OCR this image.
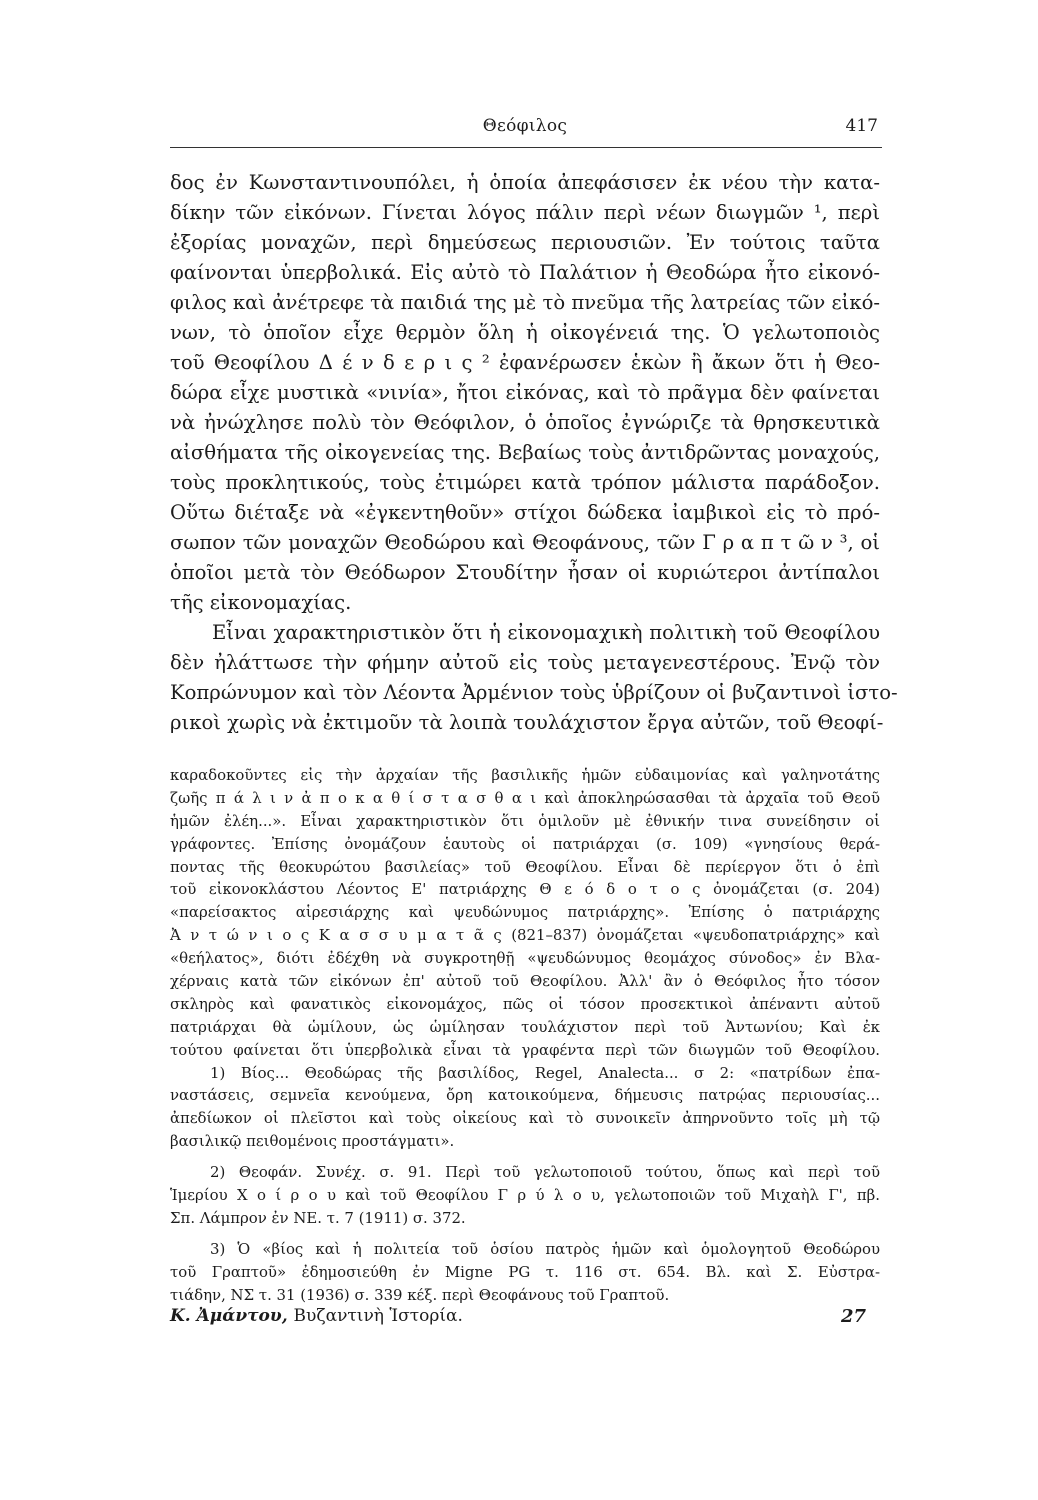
Θεόφιλος	417
δος ἐν Κωνσταντινουπόλει, ἡ ὁποία ἀπεφάσισεν ἐκ νέου τὴν κατα-
δίκην τῶν εἰκόνων. Γίνεται λόγος πάλιν περὶ νέων διωγμῶν ¹, περὶ
ἐξορίας μοναχῶν, περὶ δημεύσεως περιουσιῶν. Ἐν τούτοις ταῦτα
φαίνονται ὑπερβολικά. Εἰς αὐτὸ τὸ Παλάτιον ἡ Θεοδώρα ἦτο εἰκονό-
φιλος καὶ ἀνέτρεφε τὰ παιδιά της μὲ τὸ πνεῦμα τῆς λατρείας τῶν εἰκό-
νων, τὸ ὁποῖον εἶχε θερμὸν ὅλη ἡ οἰκογένειά της. Ὁ γελωτοποιὸς
τοῦ Θεοφίλου Δ έ ν δ ε ρ ι ς ² ἐφανέρωσεν ἑκὼν ἢ ἄκων ὅτι ἡ Θεο-
δώρα εἶχε μυστικὰ «νινία», ἤτοι εἰκόνας, καὶ τὸ πρᾶγμα δὲν φαίνεται
νὰ ἠνώχλησε πολὺ τὸν Θεόφιλον, ὁ ὁποῖος ἐγνώριζε τὰ θρησκευτικὰ
αἰσθήματα τῆς οἰκογενείας της. Βεβαίως τοὺς ἀντιδρῶντας μοναχούς,
τοὺς προκλητικούς, τοὺς ἐτιμώρει κατὰ τρόπον μάλιστα παράδοξον.
Οὕτω διέταξε νὰ «ἐγκεντηθοῦν» στίχοι δώδεκα ἰαμβικοὶ εἰς τὸ πρό-
σωπον τῶν μοναχῶν Θεοδώρου καὶ Θεοφάνους, τῶν Γ ρ α π τ ῶ ν ³, οἱ
ὁποῖοι μετὰ τὸν Θεόδωρον Στουδίτην ἦσαν οἱ κυριώτεροι ἀντίπαλοι
τῆς εἰκονομαχίας.
Εἶναι χαρακτηριστικὸν ὅτι ἡ εἰκονομαχικὴ πολιτικὴ τοῦ Θεοφίλου
δὲν ἠλάττωσε τὴν φήμην αὐτοῦ εἰς τοὺς μεταγενεστέρους. Ἐνῷ τὸν
Κοπρώνυμον καὶ τὸν Λέοντα Ἀρμένιον τοὺς ὑβρίζουν οἱ βυζαντινοὶ ἱστο-
ρικοὶ χωρὶς νὰ ἐκτιμοῦν τὰ λοιπὰ τουλάχιστον ἔργα αὐτῶν, τοῦ Θεοφί-
καραδοκοῦντες εἰς τὴν ἀρχαίαν τῆς βασιλικῆς ἡμῶν εὐδαιμονίας καὶ γαληνοτάτης
ζωῆς π ά λ ι ν ἀ π ο κ α θ ί σ τ α σ θ α ι καὶ ἀποκληρώσασθαι τὰ ἀρχαῖα τοῦ Θεοῦ
ἡμῶν ἐλέη...». Εἶναι χαρακτηριστικὸν ὅτι ὁμιλοῦν μὲ ἐθνικήν τινα συνείδησιν οἱ
γράφοντες. Ἐπίσης ὀνομάζουν ἑαυτοὺς οἱ πατριάρχαι (σ. 109) «γνησίους θερά-
ποντας τῆς θεοκυρώτου βασιλείας» τοῦ Θεοφίλου. Εἶναι δὲ περίεργον ὅτι ὁ ἐπὶ
τοῦ εἰκονοκλάστου Λέοντος Ε' πατριάρχης Θ ε ό δ ο τ ο ς ὀνομάζεται (σ. 204)
«παρείσακτος αἱρεσιάρχης καὶ ψευδώνυμος πατριάρχης». Ἐπίσης ὁ πατριάρχης
Ἀ ν τ ώ ν ι ο ς Κ α σ σ υ μ α τ ᾶ ς (821–837) ὀνομάζεται «ψευδοπατριάρχης» καὶ
«θεήλατος», διότι ἐδέχθη νὰ συγκροτηθῇ «ψευδώνυμος θεομάχος σύνοδος» ἐν Βλα-
χέρναις κατὰ τῶν εἰκόνων ἐπ' αὐτοῦ τοῦ Θεοφίλου. Ἀλλ' ἂν ὁ Θεόφιλος ἦτο τόσον
σκληρὸς καὶ φανατικὸς εἰκονομάχος, πῶς οἱ τόσον προσεκτικοὶ ἀπέναντι αὐτοῦ
πατριάρχαι θὰ ὡμίλουν, ὡς ὡμίλησαν τουλάχιστον περὶ τοῦ Ἀντωνίου; Καὶ ἐκ
τούτου φαίνεται ὅτι ὑπερβολικὰ εἶναι τὰ γραφέντα περὶ τῶν διωγμῶν τοῦ Θεοφίλου.
1) Βίος... Θεοδώρας τῆς βασιλίδος, Regel, Analecta... σ 2: «πατρίδων ἐπα-
ναστάσεις, σεμνεῖα κενούμενα, ὄρη κατοικούμενα, δήμευσις πατρῴας περιουσίας...
ἀπεδίωκον οἱ πλεῖστοι καὶ τοὺς οἰκείους καὶ τὸ συνοικεῖν ἀπηρνοῦντο τοῖς μὴ τῷ
βασιλικῷ πειθομένοις προστάγματι».
2) Θεοφάν. Συνέχ. σ. 91. Περὶ τοῦ γελωτοποιοῦ τούτου, ὅπως καὶ περὶ τοῦ
Ἱμερίου Χ ο ί ρ ο υ καὶ τοῦ Θεοφίλου Γ ρ ύ λ ο υ, γελωτοποιῶν τοῦ Μιχαὴλ Γ', πβ.
Σπ. Λάμπρον ἐν ΝΕ. τ. 7 (1911) σ. 372.
3) Ὁ «βίος καὶ ἡ πολιτεία τοῦ ὁσίου πατρὸς ἡμῶν καὶ ὁμολογητοῦ Θεοδώρου
τοῦ Γραπτοῦ» ἐδημοσιεύθη ἐν Migne PG τ. 116 στ. 654. Βλ. καὶ Σ. Εὐστρα-
τιάδην, ΝΣ τ. 31 (1936) σ. 339 κέξ. περὶ Θεοφάνους τοῦ Γραπτοῦ.
Κ. Ἀμάντου, Βυζαντινὴ Ἱστορία.	27
